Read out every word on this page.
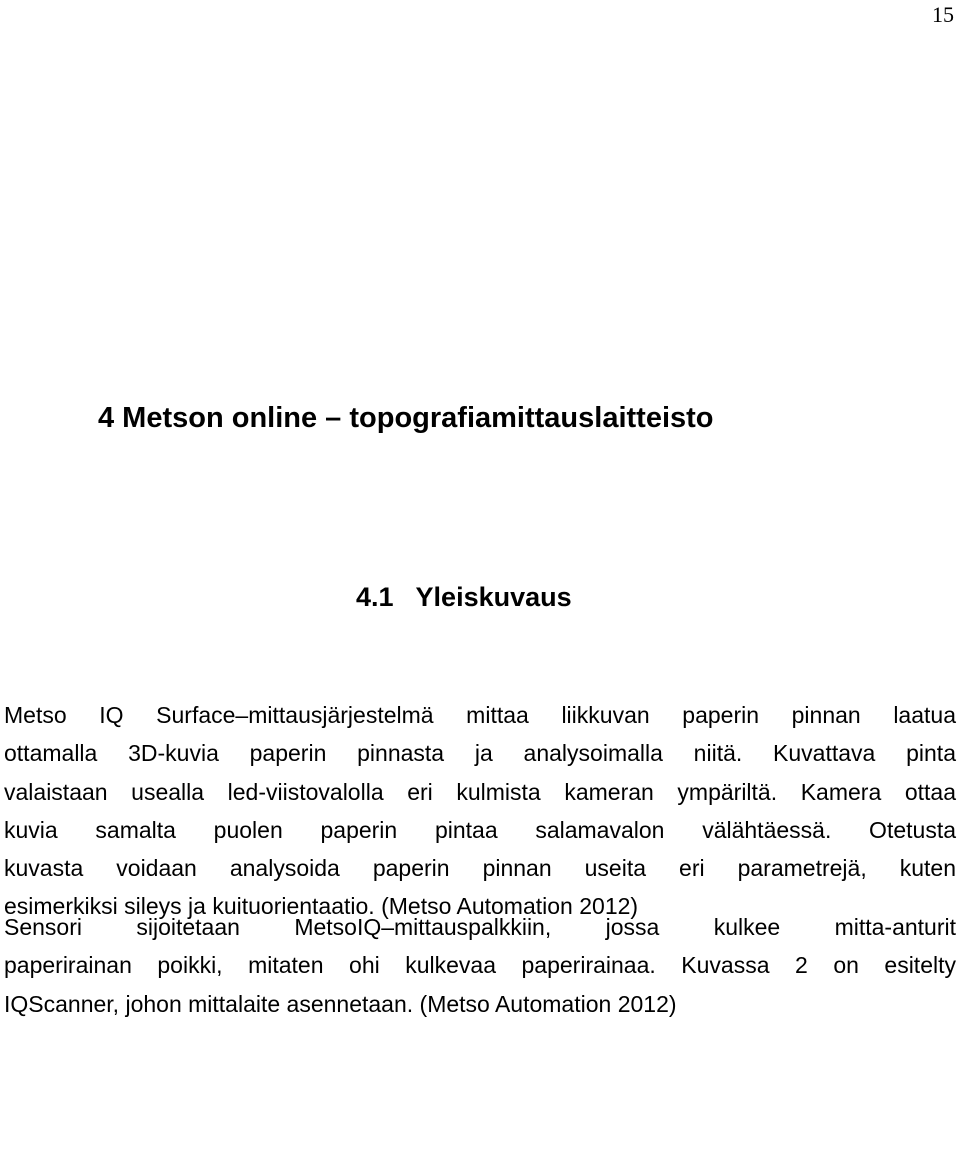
15
4 Metson online – topografiamittauslaitteisto
4.1 Yleiskuvaus
Metso IQ Surface–mittausjärjestelmä mittaa liikkuvan paperin pinnan laatua
ottamalla 3D-kuvia paperin pinnasta ja analysoimalla niitä. Kuvattava pinta
valaistaan usealla led-viistovalolla eri kulmista kameran ympäriltä. Kamera ottaa
kuvia samalta puolen paperin pintaa salamavalon välähtäessä. Otetusta
kuvasta voidaan analysoida paperin pinnan useita eri parametrejä, kuten
esimerkiksi sileys ja kuituorientaatio. (Metso Automation 2012)
Sensori sijoitetaan MetsoIQ–mittauspalkkiin, jossa kulkee mitta-anturit
paperirainan poikki, mitaten ohi kulkevaa paperirainaa. Kuvassa 2 on esitelty
IQScanner, johon mittalaite asennetaan. (Metso Automation 2012)
